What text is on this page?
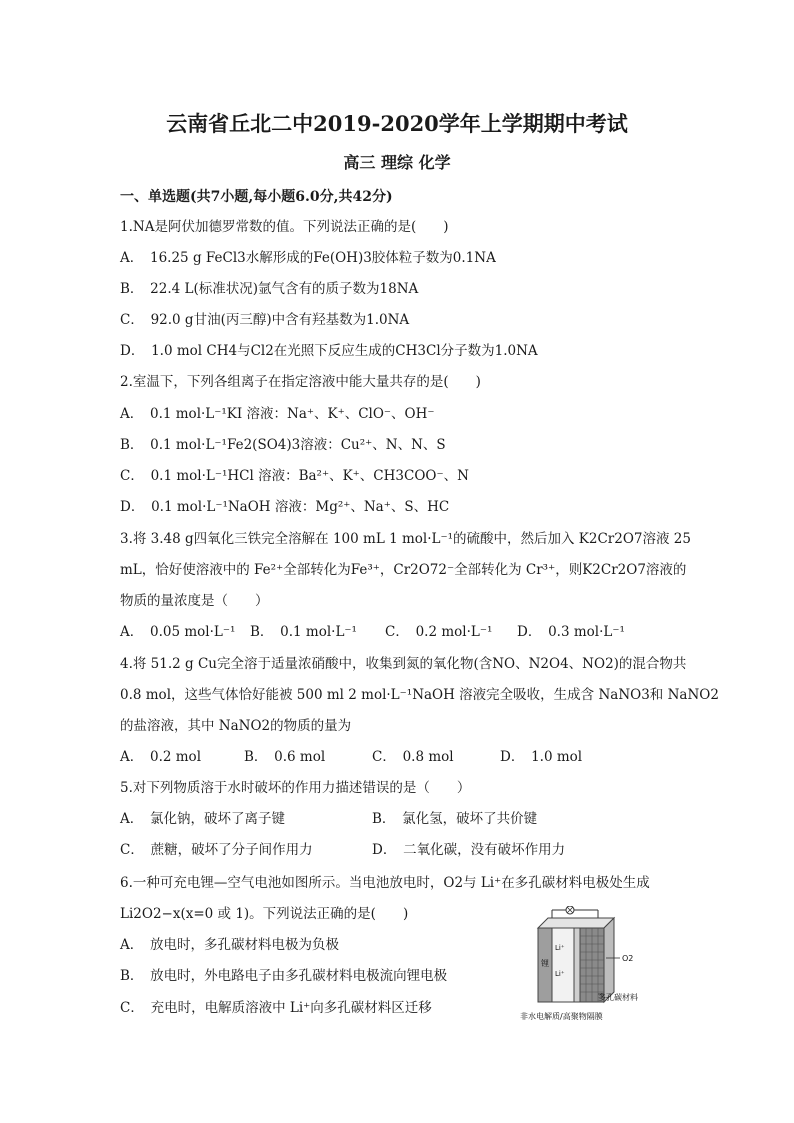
云南省丘北二中2019-2020学年上学期期中考试
高三 理综 化学
一、单选题(共7小题,每小题6.0分,共42分)
1.NA是阿伏加德罗常数的值。下列说法正确的是(　　)
A．　16.25 g FeCl3水解形成的Fe(OH)3胶体粒子数为0.1NA
B．　22.4 L(标准状况)氩气含有的质子数为18NA
C．　92.0 g甘油(丙三醇)中含有羟基数为1.0NA
D．　1.0 mol CH4与Cl2在光照下反应生成的CH3Cl分子数为1.0NA
2.室温下，下列各组离子在指定溶液中能大量共存的是(　　)
A．　0.1 mol·L⁻¹KI 溶液：Na⁺、K⁺、ClO⁻、OH⁻
B．　0.1 mol·L⁻¹Fe2(SO4)3溶液：Cu²⁺、N、N、S
C．　0.1 mol·L⁻¹HCl 溶液：Ba²⁺、K⁺、CH3COO⁻、N
D．　0.1 mol·L⁻¹NaOH 溶液：Mg²⁺、Na⁺、S、HC
3.将 3.48 g四氧化三铁完全溶解在 100 mL 1 mol·L⁻¹的硫酸中，然后加入 K2Cr2O7溶液 25
mL，恰好使溶液中的 Fe²⁺全部转化为Fe³⁺，Cr2O72⁻全部转化为 Cr³⁺，则K2Cr2O7溶液的
物质的量浓度是（　　）
A．　0.05 mol·L⁻¹ B．　0.1 mol·L⁻¹ C．　0.2 mol·L⁻¹ D．　0.3 mol·L⁻¹
4.将 51.2 g Cu完全溶于适量浓硝酸中，收集到氮的氧化物(含NO、N2O4、NO2)的混合物共
0.8 mol，这些气体恰好能被 500 ml 2 mol·L⁻¹NaOH 溶液完全吸收，生成含 NaNO3和 NaNO2
的盐溶液，其中 NaNO2的物质的量为
A．　0.2 mol	B．　0.6 mol	C．　0.8 mol	D．　1.0 mol
5.对下列物质溶于水时破坏的作用力描述错误的是（　　）
A．　氯化钠，破坏了离子键	B．　氯化氢，破坏了共价键
C．　蔗糖，破坏了分子间作用力	D．　二氧化碳，没有破坏作用力
6.一种可充电锂—空气电池如图所示。当电池放电时，O2与 Li⁺在多孔碳材料电极处生成
Li2O2−x(x=0 或 1)。下列说法正确的是(　　)
A．　放电时，多孔碳材料电极为负极
B．　放电时，外电路电子由多孔碳材料电极流向锂电极
C．　充电时，电解质溶液中 Li⁺向多孔碳材料区迁移
锂
Li⁺
Li⁺
O2
多孔碳材料
非水电解质/高聚物隔膜
